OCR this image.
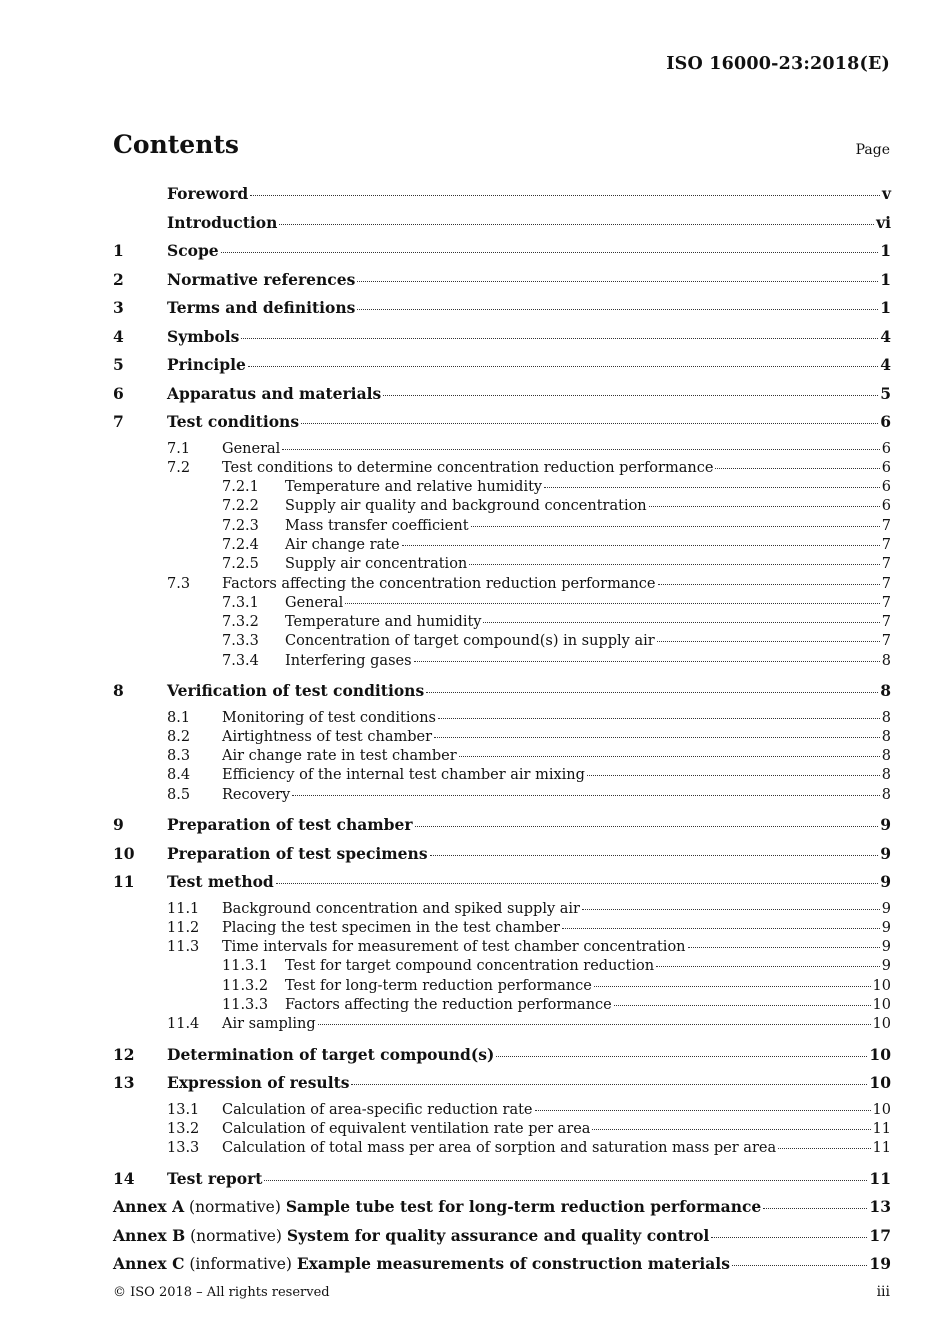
ISO 16000-23:2018(E)
Contents	Page
Foreword	v
Introduction	vi
1	Scope	1
2	Normative references	1
3	Terms and definitions	1
4	Symbols	4
5	Principle	4
6	Apparatus and materials	5
7	Test conditions	6
7.1	General	6
7.2	Test conditions to determine concentration reduction performance	6
7.2.1	Temperature and relative humidity	6
7.2.2	Supply air quality and background concentration	6
7.2.3	Mass transfer coefficient	7
7.2.4	Air change rate	7
7.2.5	Supply air concentration	7
7.3	Factors affecting the concentration reduction performance	7
7.3.1	General	7
7.3.2	Temperature and humidity	7
7.3.3	Concentration of target compound(s) in supply air	7
7.3.4	Interfering gases	8
8	Verification of test conditions	8
8.1	Monitoring of test conditions	8
8.2	Airtightness of test chamber	8
8.3	Air change rate in test chamber	8
8.4	Efficiency of the internal test chamber air mixing	8
8.5	Recovery	8
9	Preparation of test chamber	9
10	Preparation of test specimens	9
11	Test method	9
11.1	Background concentration and spiked supply air	9
11.2	Placing the test specimen in the test chamber	9
11.3	Time intervals for measurement of test chamber concentration	9
11.3.1	Test for target compound concentration reduction	9
11.3.2	Test for long-term reduction performance	10
11.3.3	Factors affecting the reduction performance	10
11.4	Air sampling	10
12	Determination of target compound(s)	10
13	Expression of results	10
13.1	Calculation of area-specific reduction rate	10
13.2	Calculation of equivalent ventilation rate per area	11
13.3	Calculation of total mass per area of sorption and saturation mass per area	11
14	Test report	11
Annex A (normative) Sample tube test for long-term reduction performance	13
Annex B (normative) System for quality assurance and quality control	17
Annex C (informative) Example measurements of construction materials	19
© ISO 2018 – All rights reserved	iii
